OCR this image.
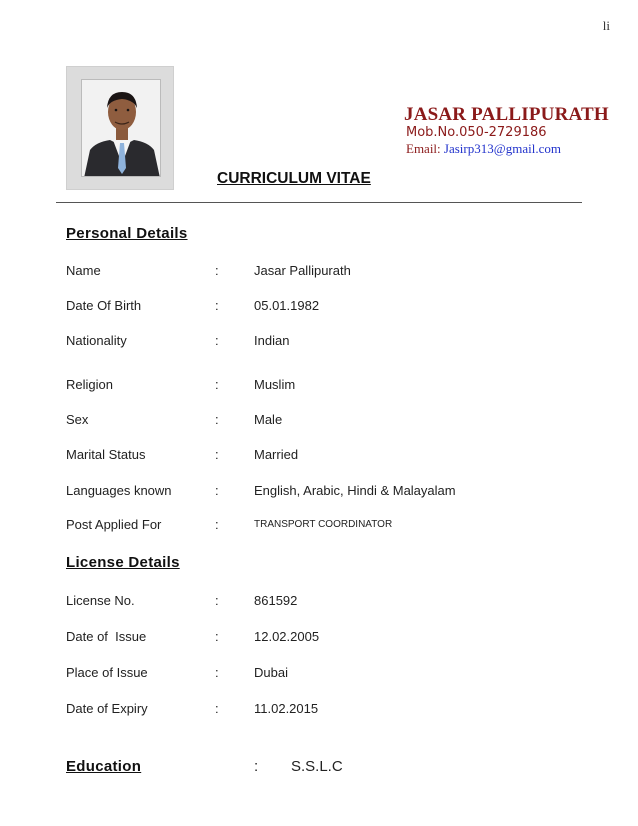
li
JASAR PALLIPURATH
Mob.No.050-2729186
Email: Jasirp313@gmail.com
CURRICULUM VITAE
Personal Details
Name	:	Jasar Pallipurath
Date Of Birth	:	05.01.1982
Nationality	:	Indian
Religion	:	Muslim
Sex	:	Male
Marital Status	:	Married
Languages known	:	English, Arabic, Hindi & Malayalam
Post Applied For	:	TRANSPORT COORDINATOR
License Details
License No.	:	861592
Date of  Issue	:	12.02.2005
Place of Issue	:	Dubai
Date of Expiry	:	11.02.2015
Education	: S.S.L.C
